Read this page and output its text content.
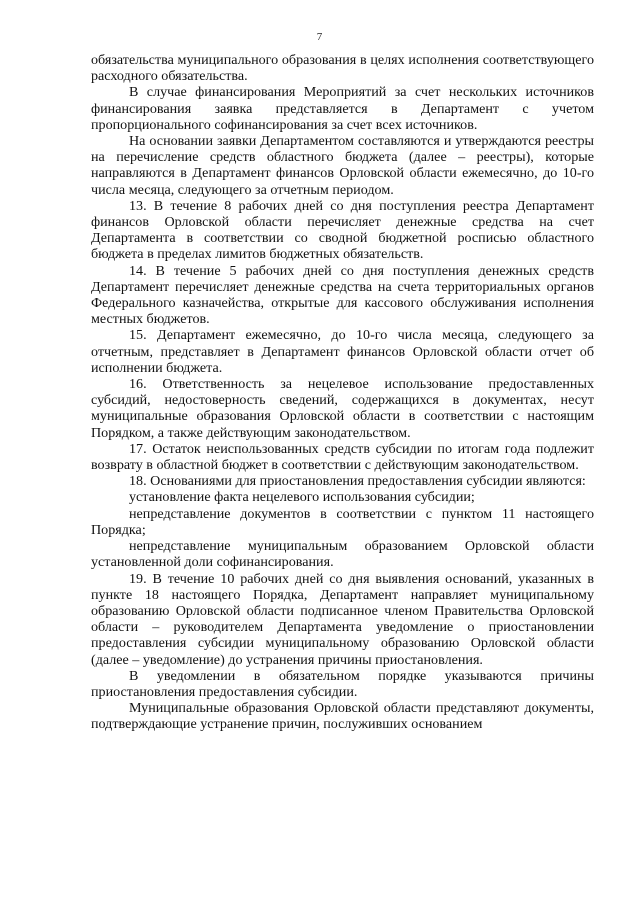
7

обязательства муниципального образования в целях исполнения соответствующего расходного обязательства.

В случае финансирования Мероприятий за счет нескольких источников финансирования заявка представляется в Департамент с учетом пропорционального софинансирования за счет всех источников.

На основании заявки Департаментом составляются и утверждаются реестры на перечисление средств областного бюджета (далее – реестры), которые направляются в Департамент финансов Орловской области ежемесячно, до 10-го числа месяца, следующего за отчетным периодом.

13. В течение 8 рабочих дней со дня поступления реестра Департамент финансов Орловской области перечисляет денежные средства на счет Департамента в соответствии со сводной бюджетной росписью областного бюджета в пределах лимитов бюджетных обязательств.

14. В течение 5 рабочих дней со дня поступления денежных средств Департамент перечисляет денежные средства на счета территориальных органов Федерального казначейства, открытые для кассового обслуживания исполнения местных бюджетов.

15. Департамент ежемесячно, до 10-го числа месяца, следующего за отчетным, представляет в Департамент финансов Орловской области отчет об исполнении бюджета.

16. Ответственность за нецелевое использование предоставленных субсидий, недостоверность сведений, содержащихся в документах, несут муниципальные образования Орловской области в соответствии с настоящим Порядком, а также действующим законодательством.

17. Остаток неиспользованных средств субсидии по итогам года подлежит возврату в областной бюджет в соответствии с действующим законодательством.

18. Основаниями для приостановления предоставления субсидии являются:

установление факта нецелевого использования субсидии;

непредставление документов в соответствии с пунктом 11 настоящего Порядка;

непредставление муниципальным образованием Орловской области установленной доли софинансирования.

19. В течение 10 рабочих дней со дня выявления оснований, указанных в пункте 18 настоящего Порядка, Департамент направляет муниципальному образованию Орловской области подписанное членом Правительства Орловской области – руководителем Департамента уведомление о приостановлении предоставления субсидии муниципальному образованию Орловской области (далее – уведомление) до устранения причины приостановления.

В уведомлении в обязательном порядке указываются причины приостановления предоставления субсидии.

Муниципальные образования Орловской области представляют документы, подтверждающие устранение причин, послуживших основанием
